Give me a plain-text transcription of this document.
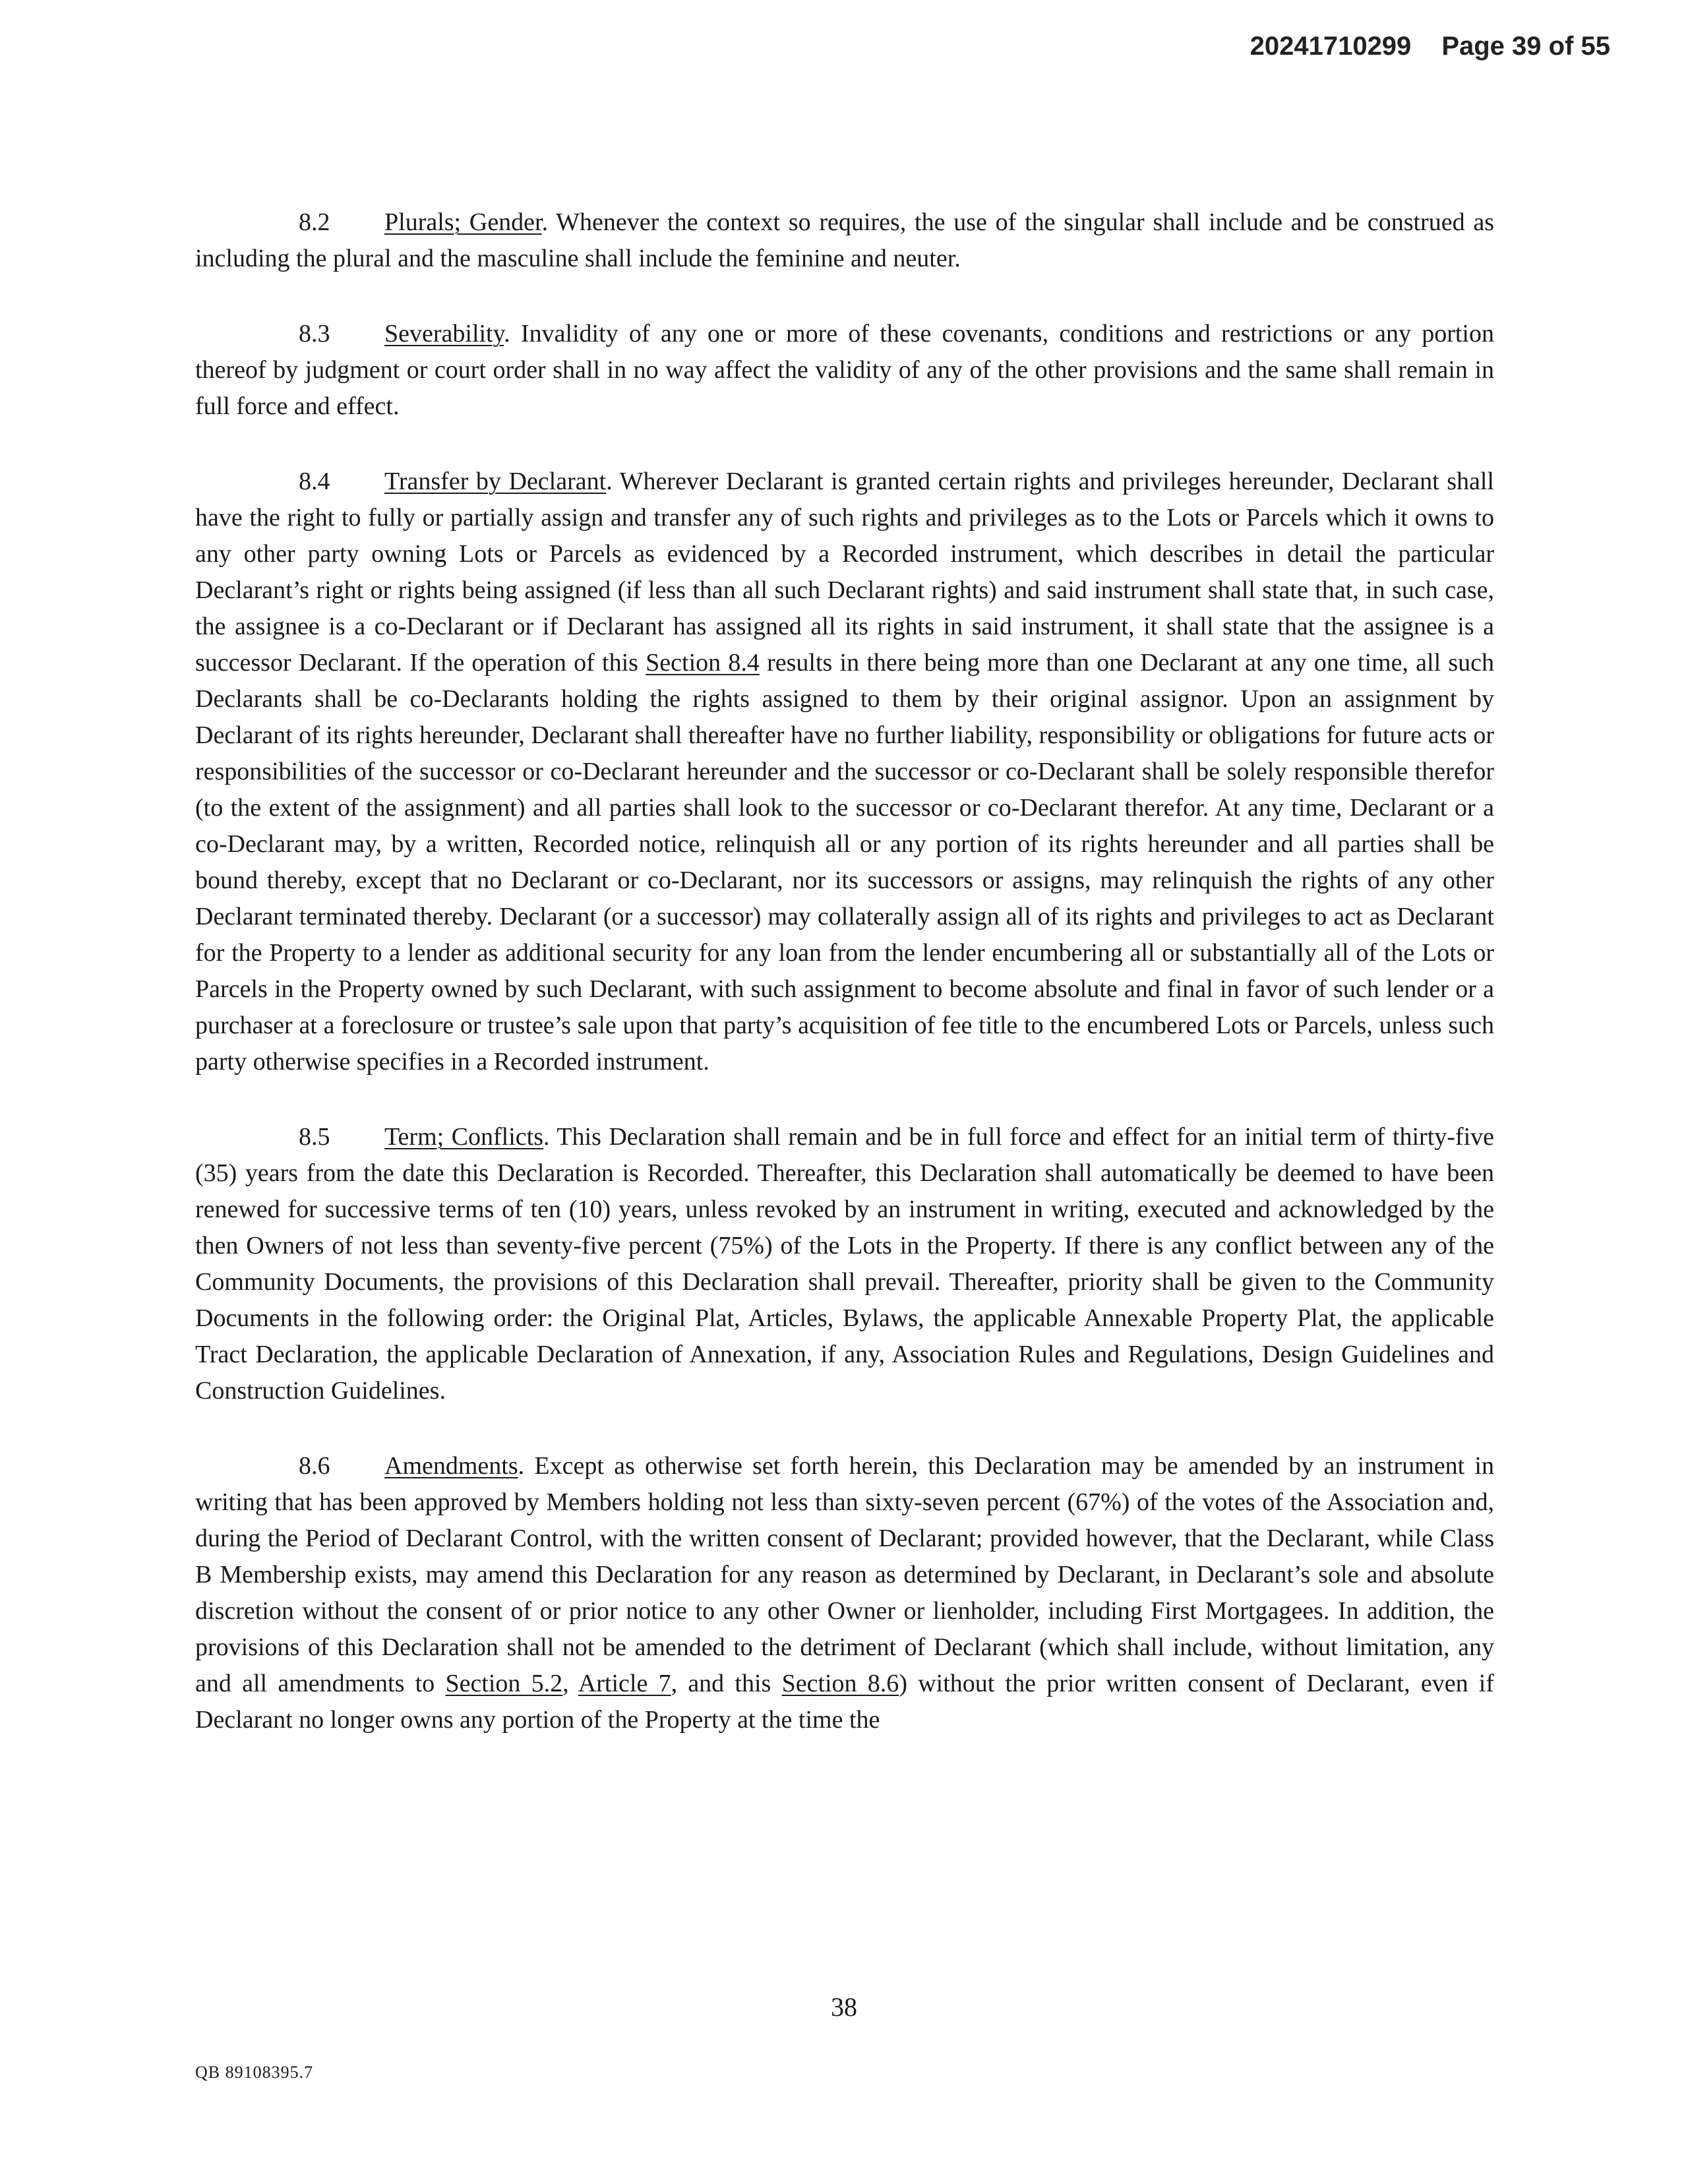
20241710299 Page 39 of 55

8.2 Plurals; Gender. Whenever the context so requires, the use of the singular shall include and be construed as including the plural and the masculine shall include the feminine and neuter.

8.3 Severability. Invalidity of any one or more of these covenants, conditions and restrictions or any portion thereof by judgment or court order shall in no way affect the validity of any of the other provisions and the same shall remain in full force and effect.

8.4 Transfer by Declarant. Wherever Declarant is granted certain rights and privileges hereunder, Declarant shall have the right to fully or partially assign and transfer any of such rights and privileges as to the Lots or Parcels which it owns to any other party owning Lots or Parcels as evidenced by a Recorded instrument, which describes in detail the particular Declarant’s right or rights being assigned (if less than all such Declarant rights) and said instrument shall state that, in such case, the assignee is a co-Declarant or if Declarant has assigned all its rights in said instrument, it shall state that the assignee is a successor Declarant. If the operation of this Section 8.4 results in there being more than one Declarant at any one time, all such Declarants shall be co-Declarants holding the rights assigned to them by their original assignor. Upon an assignment by Declarant of its rights hereunder, Declarant shall thereafter have no further liability, responsibility or obligations for future acts or responsibilities of the successor or co-Declarant hereunder and the successor or co-Declarant shall be solely responsible therefor (to the extent of the assignment) and all parties shall look to the successor or co-Declarant therefor. At any time, Declarant or a co-Declarant may, by a written, Recorded notice, relinquish all or any portion of its rights hereunder and all parties shall be bound thereby, except that no Declarant or co-Declarant, nor its successors or assigns, may relinquish the rights of any other Declarant terminated thereby. Declarant (or a successor) may collaterally assign all of its rights and privileges to act as Declarant for the Property to a lender as additional security for any loan from the lender encumbering all or substantially all of the Lots or Parcels in the Property owned by such Declarant, with such assignment to become absolute and final in favor of such lender or a purchaser at a foreclosure or trustee’s sale upon that party’s acquisition of fee title to the encumbered Lots or Parcels, unless such party otherwise specifies in a Recorded instrument.

8.5 Term; Conflicts. This Declaration shall remain and be in full force and effect for an initial term of thirty-five (35) years from the date this Declaration is Recorded. Thereafter, this Declaration shall automatically be deemed to have been renewed for successive terms of ten (10) years, unless revoked by an instrument in writing, executed and acknowledged by the then Owners of not less than seventy-five percent (75%) of the Lots in the Property. If there is any conflict between any of the Community Documents, the provisions of this Declaration shall prevail. Thereafter, priority shall be given to the Community Documents in the following order: the Original Plat, Articles, Bylaws, the applicable Annexable Property Plat, the applicable Tract Declaration, the applicable Declaration of Annexation, if any, Association Rules and Regulations, Design Guidelines and Construction Guidelines.

8.6 Amendments. Except as otherwise set forth herein, this Declaration may be amended by an instrument in writing that has been approved by Members holding not less than sixty-seven percent (67%) of the votes of the Association and, during the Period of Declarant Control, with the written consent of Declarant; provided however, that the Declarant, while Class B Membership exists, may amend this Declaration for any reason as determined by Declarant, in Declarant’s sole and absolute discretion without the consent of or prior notice to any other Owner or lienholder, including First Mortgagees. In addition, the provisions of this Declaration shall not be amended to the detriment of Declarant (which shall include, without limitation, any and all amendments to Section 5.2, Article 7, and this Section 8.6) without the prior written consent of Declarant, even if Declarant no longer owns any portion of the Property at the time the

38
QB 89108395.7
